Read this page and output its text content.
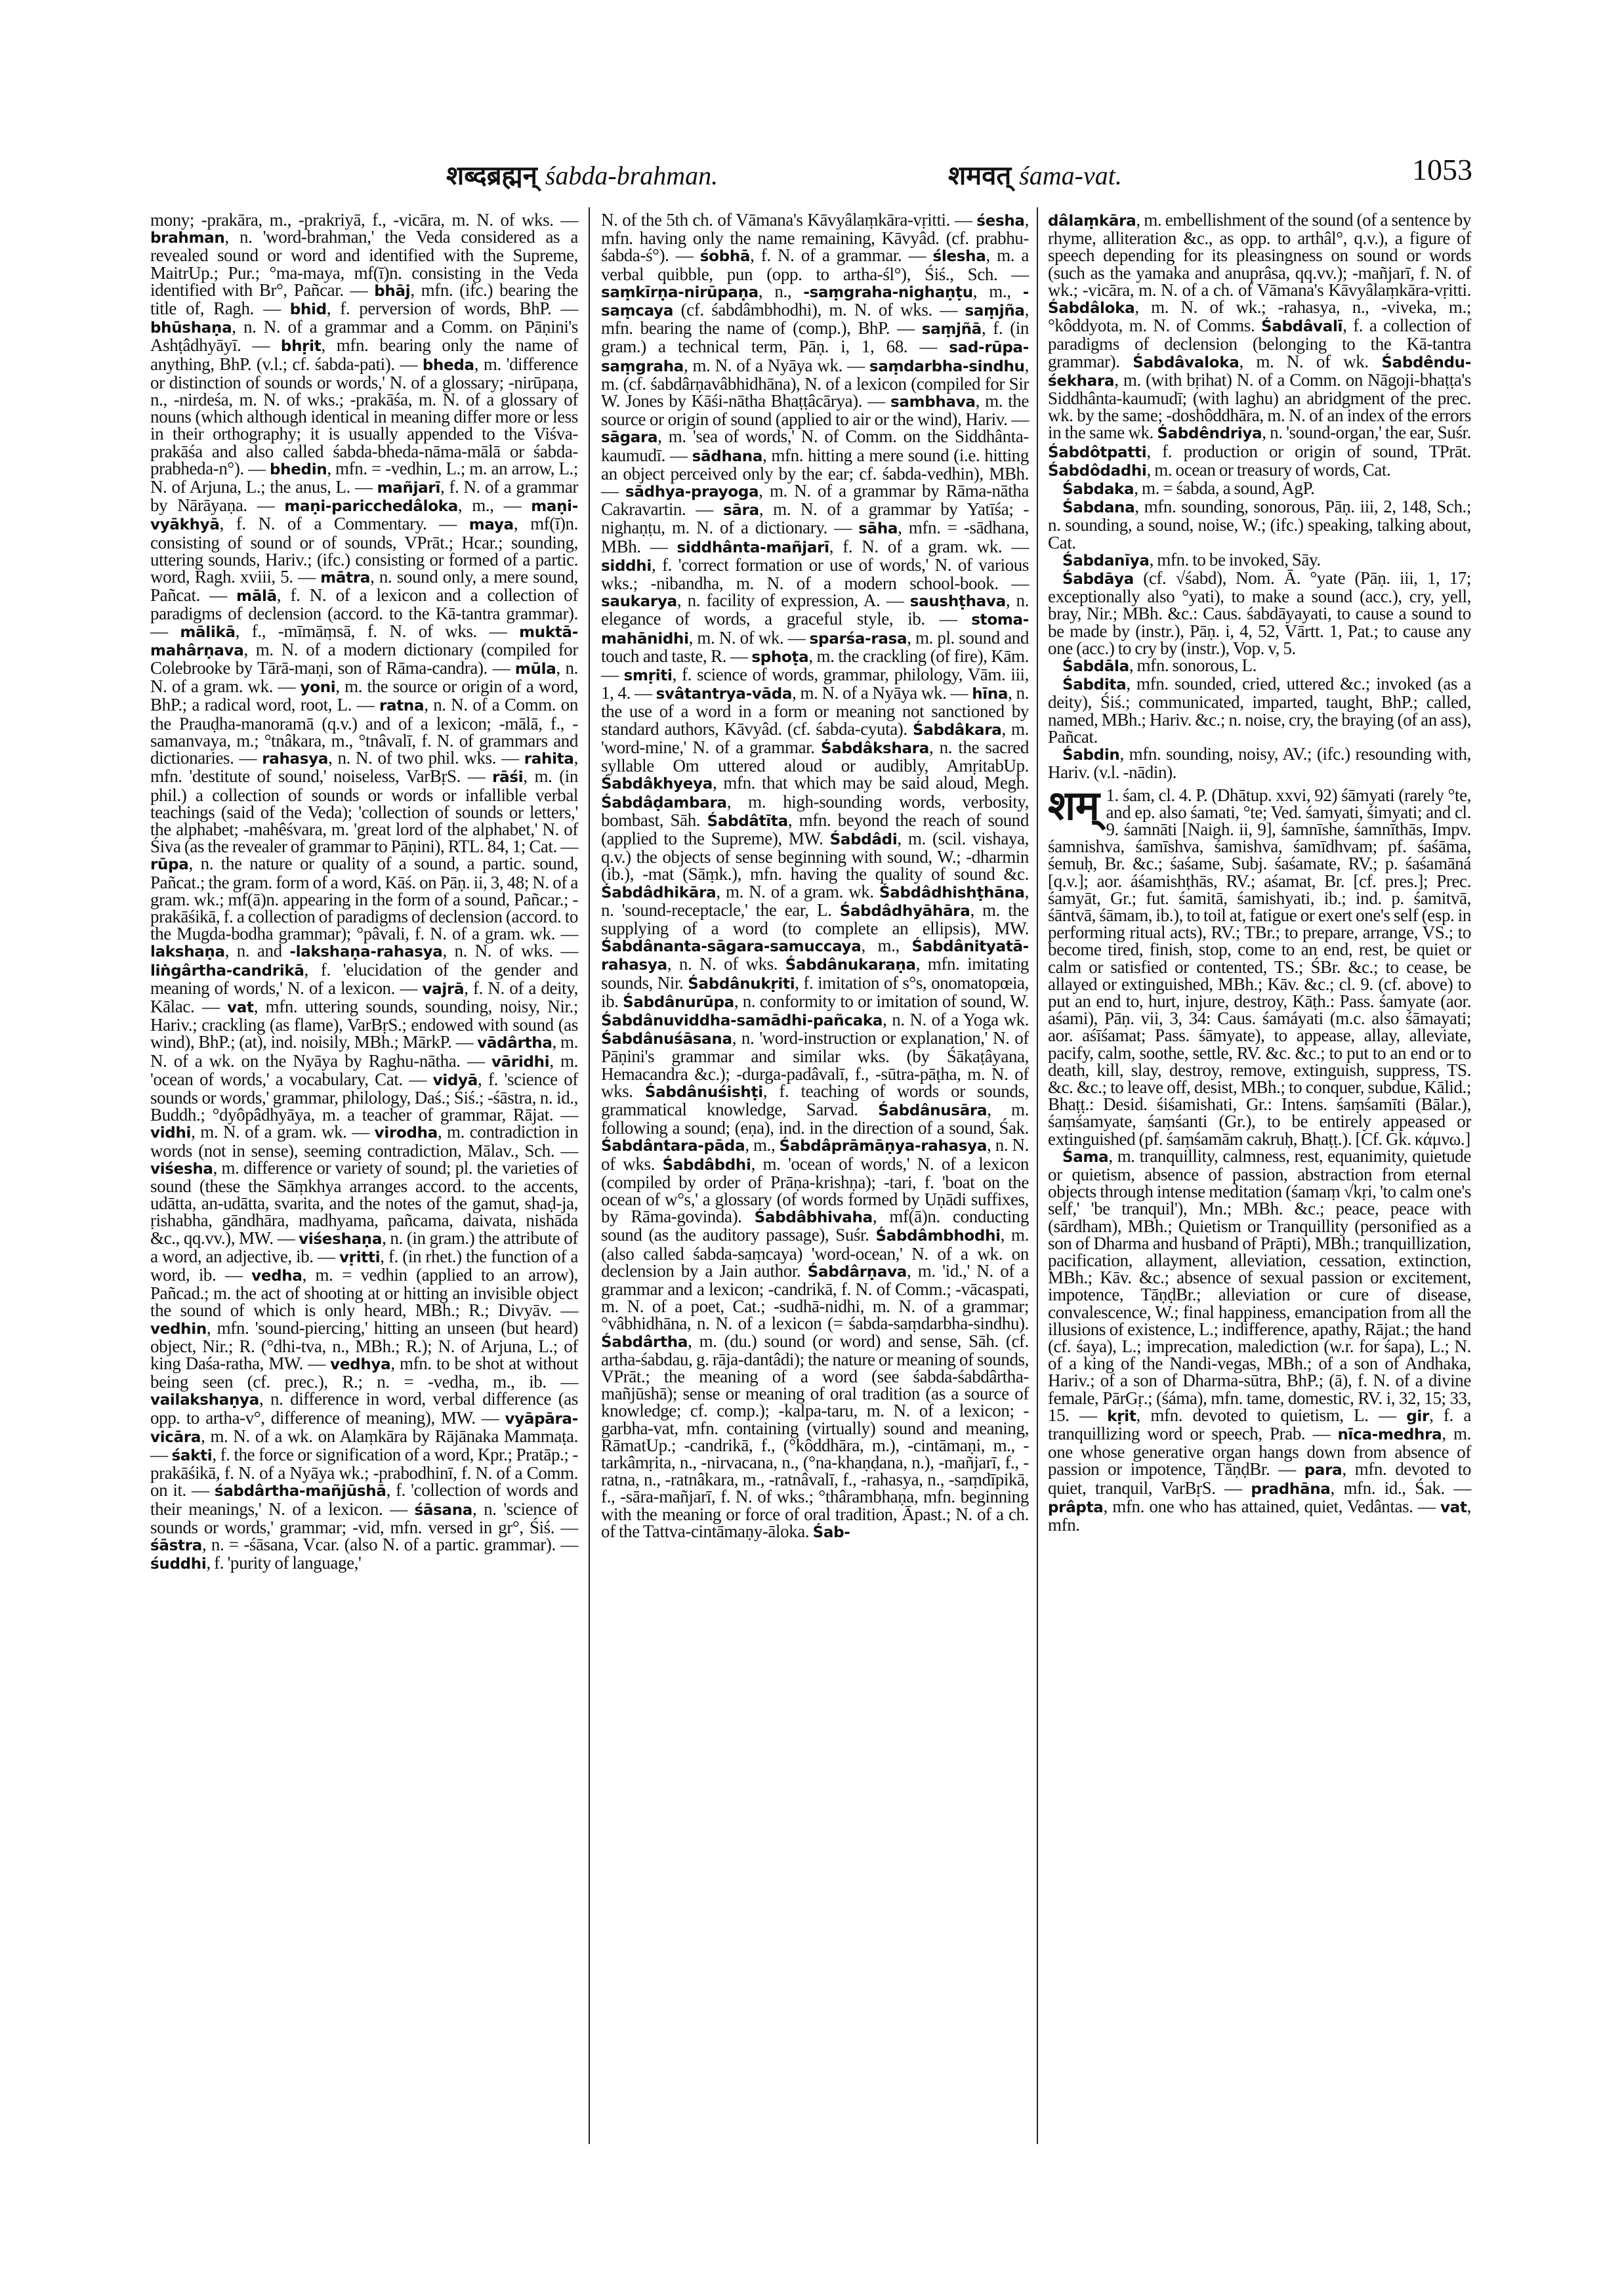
शब्दब्रह्मन् śabda-brahman.	शमवत् śama-vat.	1053

mony; -prakāra, m., -prakriyā, f., -vicāra, m. N. of wks. — brahman, n. 'word-brahman,' the Veda considered as a revealed sound or word and identified with the Supreme, MaitrUp.; Pur.; °ma-maya, mf(ī)n. consisting in the Veda identified with Br°, Pañcar. — bhāj, mfn. (ifc.) bearing the title of, Ragh. — bhid, f. perversion of words, BhP. — bhūshaṇa, n. N. of a grammar and a Comm. on Pāṇini's Ashṭâdhyāyī. — bhṛit, mfn. bearing only the name of anything, BhP. (v.l.; cf. śabda-pati). — bheda, m. 'difference or distinction of sounds or words,' N. of a glossary; -nirūpaṇa, n., -nirdeśa, m. N. of wks.; -prakāśa, m. N. of a glossary of nouns (which although identical in meaning differ more or less in their orthography; it is usually appended to the Viśva-prakāśa and also called śabda-bheda-nāma-mālā or śabda-prabheda-n°). — bhedin, mfn. = -vedhin, L.; m. an arrow, L.; N. of Arjuna, L.; the anus, L. — mañjarī, f. N. of a grammar by Nārāyaṇa. — maṇi-paricchedâloka, m., — maṇi-vyākhyā, f. N. of a Commentary. — maya, mf(ī)n. consisting of sound or of sounds, VPrāt.; Hcar.; sounding, uttering sounds, Hariv.; (ifc.) consisting or formed of a partic. word, Ragh. xviii, 5. — mātra, n. sound only, a mere sound, Pañcat. — mālā, f. N. of a lexicon and a collection of paradigms of declension (accord. to the Kā-tantra grammar). — mālikā, f., -mīmāṃsā, f. N. of wks. — muktā-mahârṇava, m. N. of a modern dictionary (compiled for Colebrooke by Tārā-maṇi, son of Rāma-candra). — mūla, n. N. of a gram. wk. — yoni, m. the source or origin of a word, BhP.; a radical word, root, L. — ratna, n. N. of a Comm. on the Prauḍha-manoramā (q.v.) and of a lexicon; -mālā, f., -samanvaya, m.; °tnâkara, m., °tnâvalī, f. N. of grammars and dictionaries. — rahasya, n. N. of two phil. wks. — rahita, mfn. 'destitute of sound,' noiseless, VarBṛS. — rāśi, m. (in phil.) a collection of sounds or words or infallible verbal teachings (said of the Veda); 'collection of sounds or letters,' the alphabet; -mahêśvara, m. 'great lord of the alphabet,' N. of Śiva (as the revealer of grammar to Pāṇini), RTL. 84, 1; Cat. — rūpa, n. the nature or quality of a sound, a partic. sound, Pañcat.; the gram. form of a word, Kāś. on Pāṇ. ii, 3, 48; N. of a gram. wk.; mf(ā)n. appearing in the form of a sound, Pañcar.; -prakāśikā, f. a collection of paradigms of declension (accord. to the Mugda-bodha grammar); °pâvali, f. N. of a gram. wk. — lakshaṇa, n. and -lakshaṇa-rahasya, n. N. of wks. — liṅgârtha-candrikā, f. 'elucidation of the gender and meaning of words,' N. of a lexicon. — vajrā, f. N. of a deity, Kālac. — vat, mfn. uttering sounds, sounding, noisy, Nir.; Hariv.; crackling (as flame), VarBṛS.; endowed with sound (as wind), BhP.; (at), ind. noisily, MBh.; MārkP. — vādârtha, m. N. of a wk. on the Nyāya by Raghu-nātha. — vāridhi, m. 'ocean of words,' a vocabulary, Cat. — vidyā, f. 'science of sounds or words,' grammar, philology, Daś.; Śiś.; -śāstra, n. id., Buddh.; °dyôpâdhyāya, m. a teacher of grammar, Rājat. — vidhi, m. N. of a gram. wk. — virodha, m. contradiction in words (not in sense), seeming contradiction, Mālav., Sch. — viśesha, m. difference or variety of sound; pl. the varieties of sound (these the Sāṃkhya arranges accord. to the accents, udātta, an-udātta, svarita, and the notes of the gamut, shaḍ-ja, ṛishabha, gāndhāra, madhyama, pañcama, daivata, nishāda &c., qq.vv.), MW. — viśeshaṇa, n. (in gram.) the attribute of a word, an adjective, ib. — vṛitti, f. (in rhet.) the function of a word, ib. — vedha, m. = vedhin (applied to an arrow), Pañcad.; m. the act of shooting at or hitting an invisible object the sound of which is only heard, MBh.; R.; Divyāv. — vedhin, mfn. 'sound-piercing,' hitting an unseen (but heard) object, Nir.; R. (°dhi-tva, n., MBh.; R.); N. of Arjuna, L.; of king Daśa-ratha, MW. — vedhya, mfn. to be shot at without being seen (cf. prec.), R.; n. = -vedha, m., ib. — vailakshaṇya, n. difference in word, verbal difference (as opp. to artha-v°, difference of meaning), MW. — vyāpāra-vicāra, m. N. of a wk. on Alaṃkāra by Rājānaka Mammaṭa. — śakti, f. the force or signification of a word, Kpr.; Pratāp.; -prakāśikā, f. N. of a Nyāya wk.; -prabodhinī, f. N. of a Comm. on it. — śabdârtha-mañjūshā, f. 'collection of words and their meanings,' N. of a lexicon. — śāsana, n. 'science of sounds or words,' grammar; -vid, mfn. versed in gr°, Śiś. — śāstra, n. = -śāsana, Vcar. (also N. of a partic. grammar). — śuddhi, f. 'purity of language,'

N. of the 5th ch. of Vāmana's Kāvyâlaṃkāra-vṛitti. — śesha, mfn. having only the name remaining, Kāvyâd. (cf. prabhu-śabda-ś°). — śobhā, f. N. of a grammar. — ślesha, m. a verbal quibble, pun (opp. to artha-śl°), Śiś., Sch. — saṃkīrṇa-nirūpaṇa, n., -saṃgraha-nighaṇṭu, m., -saṃcaya (cf. śabdâmbhodhi), m. N. of wks. — saṃjña, mfn. bearing the name of (comp.), BhP. — saṃjñā, f. (in gram.) a technical term, Pāṇ. i, 1, 68. — sad-rūpa-saṃgraha, m. N. of a Nyāya wk. — saṃdarbha-sindhu, m. (cf. śabdârṇavâbhidhāna), N. of a lexicon (compiled for Sir W. Jones by Kāśi-nātha Bhaṭṭâcārya). — sambhava, m. the source or origin of sound (applied to air or the wind), Hariv. — sāgara, m. 'sea of words,' N. of Comm. on the Siddhânta-kaumudī. — sādhana, mfn. hitting a mere sound (i.e. hitting an object perceived only by the ear; cf. śabda-vedhin), MBh. — sādhya-prayoga, m. N. of a grammar by Rāma-nātha Cakravartin. — sāra, m. N. of a grammar by Yatīśa; -nighaṇṭu, m. N. of a dictionary. — sāha, mfn. = -sādhana, MBh. — siddhânta-mañjarī, f. N. of a gram. wk. — siddhi, f. 'correct formation or use of words,' N. of various wks.; -nibandha, m. N. of a modern school-book. — saukarya, n. facility of expression, A. — saushṭhava, n. elegance of words, a graceful style, ib. — stoma-mahānidhi, m. N. of wk. — sparśa-rasa, m. pl. sound and touch and taste, R. — sphoṭa, m. the crackling (of fire), Kām. — smṛiti, f. science of words, grammar, philology, Vām. iii, 1, 4. — svâtantrya-vāda, m. N. of a Nyāya wk. — hīna, n. the use of a word in a form or meaning not sanctioned by standard authors, Kāvyâd. (cf. śabda-cyuta). Śabdâkara, m. 'word-mine,' N. of a grammar. Śabdâkshara, n. the sacred syllable Om uttered aloud or audibly, AmṛitabUp. Śabdâkhyeya, mfn. that which may be said aloud, Megh. Śabdâḍambara, m. high-sounding words, verbosity, bombast, Sāh. Śabdâtīta, mfn. beyond the reach of sound (applied to the Supreme), MW. Śabdâdi, m. (scil. vishaya, q.v.) the objects of sense beginning with sound, W.; -dharmin (ib.), -mat (Sāṃk.), mfn. having the quality of sound &c. Śabdâdhikāra, m. N. of a gram. wk. Śabdâdhishṭhāna, n. 'sound-receptacle,' the ear, L. Śabdâdhyāhāra, m. the supplying of a word (to complete an ellipsis), MW. Śabdânanta-sāgara-samuccaya, m., Śabdânityatā-rahasya, n. N. of wks. Śabdânukaraṇa, mfn. imitating sounds, Nir. Śabdânukṛiti, f. imitation of s°s, onomatopœia, ib. Śabdânurūpa, n. conformity to or imitation of sound, W. Śabdânuviddha-samādhi-pañcaka, n. N. of a Yoga wk. Śabdânuśāsana, n. 'word-instruction or explanation,' N. of Pāṇini's grammar and similar wks. (by Śākaṭâyana, Hemacandra &c.); -durga-padâvalī, f., -sūtra-pāṭha, m. N. of wks. Śabdânuśishṭi, f. teaching of words or sounds, grammatical knowledge, Sarvad. Śabdânusāra, m. following a sound; (eṇa), ind. in the direction of a sound, Śak. Śabdântara-pāda, m., Śabdâprāmāṇya-rahasya, n. N. of wks. Śabdâbdhi, m. 'ocean of words,' N. of a lexicon (compiled by order of Prāṇa-krishṇa); -tari, f. 'boat on the ocean of w°s,' a glossary (of words formed by Uṇādi suffixes, by Rāma-govinda). Śabdâbhivaha, mf(ā)n. conducting sound (as the auditory passage), Suśr. Śabdâmbhodhi, m. (also called śabda-saṃcaya) 'word-ocean,' N. of a wk. on declension by a Jain author. Śabdârṇava, m. 'id.,' N. of a grammar and a lexicon; -candrikā, f. N. of Comm.; -vācaspati, m. N. of a poet, Cat.; -sudhā-nidhi, m. N. of a grammar; °vâbhidhāna, n. N. of a lexicon (= śabda-saṃdarbha-sindhu). Śabdârtha, m. (du.) sound (or word) and sense, Sāh. (cf. artha-śabdau, g. rāja-dantâdi); the nature or meaning of sounds, VPrāt.; the meaning of a word (see śabda-śabdârtha-mañjūshā); sense or meaning of oral tradition (as a source of knowledge; cf. comp.); -kalpa-taru, m. N. of a lexicon; -garbha-vat, mfn. containing (virtually) sound and meaning, RāmatUp.; -candrikā, f., (°kôddhāra, m.), -cintāmaṇi, m., -tarkâmṛita, n., -nirvacana, n., (°na-khaṇḍana, n.), -mañjarī, f., -ratna, n., -ratnâkara, m., -ratnâvalī, f., -rahasya, n., -saṃdīpikā, f., -sāra-mañjarī, f. N. of wks.; °thârambhaṇa, mfn. beginning with the meaning or force of oral tradition, Āpast.; N. of a ch. of the Tattva-cintāmaṇy-āloka. Śab-

dâlaṃkāra, m. embellishment of the sound (of a sentence by rhyme, alliteration &c., as opp. to arthâl°, q.v.), a figure of speech depending for its pleasingness on sound or words (such as the yamaka and anuprâsa, qq.vv.); -mañjarī, f. N. of wk.; -vicāra, m. N. of a ch. of Vāmana's Kāvyâlaṃkāra-vṛitti. Śabdâloka, m. N. of wk.; -rahasya, n., -viveka, m.; °kôddyota, m. N. of Comms. Śabdâvalī, f. a collection of paradigms of declension (belonging to the Kā-tantra grammar). Śabdâvaloka, m. N. of wk. Śabdêndu-śekhara, m. (with bṛihat) N. of a Comm. on Nāgoji-bhaṭṭa's Siddhânta-kaumudī; (with laghu) an abridgment of the prec. wk. by the same; -doshôddhāra, m. N. of an index of the errors in the same wk. Śabdêndriya, n. 'sound-organ,' the ear, Suśr. Śabdôtpatti, f. production or origin of sound, TPrāt. Śabdôdadhi, m. ocean or treasury of words, Cat.

Śabdaka, m. = śabda, a sound, AgP.

Śabdana, mfn. sounding, sonorous, Pāṇ. iii, 2, 148, Sch.; n. sounding, a sound, noise, W.; (ifc.) speaking, talking about, Cat.

Śabdanīya, mfn. to be invoked, Sāy.

Śabdāya (cf. √śabd), Nom. Ā. °yate (Pāṇ. iii, 1, 17; exceptionally also °yati), to make a sound (acc.), cry, yell, bray, Nir.; MBh. &c.: Caus. śabdāyayati, to cause a sound to be made by (instr.), Pāṇ. i, 4, 52, Vārtt. 1, Pat.; to cause any one (acc.) to cry by (instr.), Vop. v, 5.

Śabdāla, mfn. sonorous, L.

Śabdita, mfn. sounded, cried, uttered &c.; invoked (as a deity), Śiś.; communicated, imparted, taught, BhP.; called, named, MBh.; Hariv. &c.; n. noise, cry, the braying (of an ass), Pañcat.

Śabdin, mfn. sounding, noisy, AV.; (ifc.) resounding with, Hariv. (v.l. -nādin).

शम् 1. śam, cl. 4. P. (Dhātup. xxvi, 92) śāmyati (rarely °te, and ep. also śamati, °te; Ved. śamyati, śimyati; and cl. 9. śamnāti [Naigh. ii, 9], śamnīshe, śamnīthās, Impv. śamnishva, śamīshva, śamishva, śamīdhvam; pf. śaśāma, śemuḥ, Br. &c.; śaśame, Subj. śaśamate, RV.; p. śaśamāná [q.v.]; aor. áśamishṭhās, RV.; aśamat, Br. [cf. pres.]; Prec. śamyāt, Gr.; fut. śamitā, śamishyati, ib.; ind. p. śamitvā, śāntvā, śāmam, ib.), to toil at, fatigue or exert one's self (esp. in performing ritual acts), RV.; TBr.; to prepare, arrange, VS.; to become tired, finish, stop, come to an end, rest, be quiet or calm or satisfied or contented, TS.; ŚBr. &c.; to cease, be allayed or extinguished, MBh.; Kāv. &c.; cl. 9. (cf. above) to put an end to, hurt, injure, destroy, Kāṭh.: Pass. śamyate (aor. aśami), Pāṇ. vii, 3, 34: Caus. śamáyati (m.c. also śāmayati; aor. aśīśamat; Pass. śāmyate), to appease, allay, alleviate, pacify, calm, soothe, settle, RV. &c. &c.; to put to an end or to death, kill, slay, destroy, remove, extinguish, suppress, TS. &c. &c.; to leave off, desist, MBh.; to conquer, subdue, Kālid.; Bhaṭṭ.: Desid. śiśamishati, Gr.: Intens. śaṃśamīti (Bālar.), śaṃśamyate, śaṃśanti (Gr.), to be entirely appeased or extinguished (pf. śaṃśamām cakruḥ, Bhaṭṭ.). [Cf. Gk. κάμνω.]

Śama, m. tranquillity, calmness, rest, equanimity, quietude or quietism, absence of passion, abstraction from eternal objects through intense meditation (śamaṃ √kṛi, 'to calm one's self,' 'be tranquil'), Mn.; MBh. &c.; peace, peace with (sārdham), MBh.; Quietism or Tranquillity (personified as a son of Dharma and husband of Prāpti), MBh.; tranquillization, pacification, allayment, alleviation, cessation, extinction, MBh.; Kāv. &c.; absence of sexual passion or excitement, impotence, TāṇḍBr.; alleviation or cure of disease, convalescence, W.; final happiness, emancipation from all the illusions of existence, L.; indifference, apathy, Rājat.; the hand (cf. śaya), L.; imprecation, malediction (w.r. for śapa), L.; N. of a king of the Nandi-vegas, MBh.; of a son of Andhaka, Hariv.; of a son of Dharma-sūtra, BhP.; (ā), f. N. of a divine female, PārGṛ.; (śáma), mfn. tame, domestic, RV. i, 32, 15; 33, 15. — kṛit, mfn. devoted to quietism, L. — gir, f. a tranquillizing word or speech, Prab. — nīca-medhra, m. one whose generative organ hangs down from absence of passion or impotence, TāṇḍBr. — para, mfn. devoted to quiet, tranquil, VarBṛS. — pradhāna, mfn. id., Śak. — prâpta, mfn. one who has attained, quiet, Vedântas. — vat, mfn.
